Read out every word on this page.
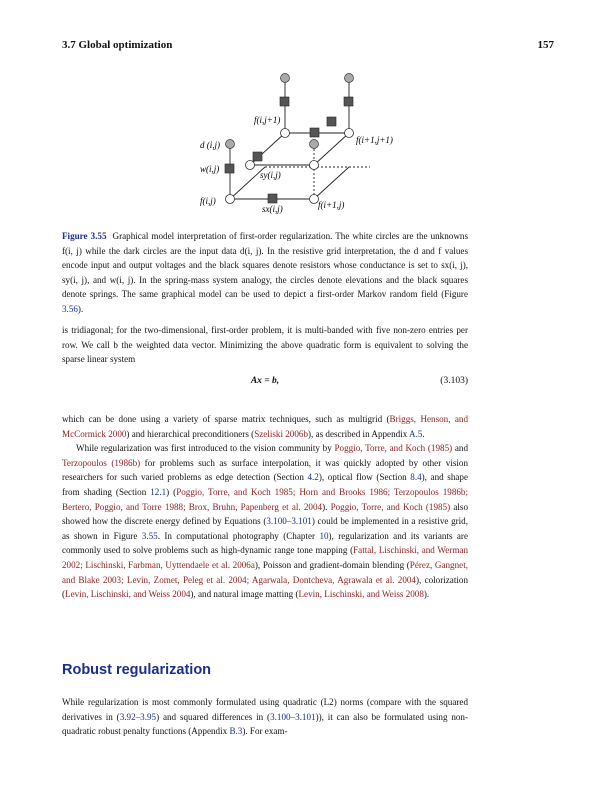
3.7 Global optimization	157
f(i,j+1)
f(i+1,j+1)
d (i,j)
w(i,j)
sy(i,j)
f(i,j)
sx(i,j)	f(i+1,j)
Figure 3.55 Graphical model interpretation of first-order regularization. The white circles are the unknowns f(i, j) while the dark circles are the input data d(i, j). In the resistive grid interpretation, the d and f values encode input and output voltages and the black squares denote resistors whose conductance is set to sx(i, j), sy(i, j), and w(i, j). In the spring-mass system analogy, the circles denote elevations and the black squares denote springs. The same graphical model can be used to depict a first-order Markov random field (Figure 3.56).

is tridiagonal; for the two-dimensional, first-order problem, it is multi-banded with five non-zero entries per row. We call b the weighted data vector. Minimizing the above quadratic form is equivalent to solving the sparse linear system

Ax = b,	(3.103)

which can be done using a variety of sparse matrix techniques, such as multigrid (Briggs, Henson, and McCormick 2000) and hierarchical preconditioners (Szeliski 2006b), as described in Appendix A.5.

While regularization was first introduced to the vision community by Poggio, Torre, and Koch (1985) and Terzopoulos (1986b) for problems such as surface interpolation, it was quickly adopted by other vision researchers for such varied problems as edge detection (Section 4.2), optical flow (Section 8.4), and shape from shading (Section 12.1) (Poggio, Torre, and Koch 1985; Horn and Brooks 1986; Terzopoulos 1986b; Bertero, Poggio, and Torre 1988; Brox, Bruhn, Papenberg et al. 2004). Poggio, Torre, and Koch (1985) also showed how the discrete energy defined by Equations (3.100–3.101) could be implemented in a resistive grid, as shown in Figure 3.55. In computational photography (Chapter 10), regularization and its variants are commonly used to solve problems such as high-dynamic range tone mapping (Fattal, Lischinski, and Werman 2002; Lischinski, Farbman, Uyttendaele et al. 2006a), Poisson and gradient-domain blending (Pérez, Gangnet, and Blake 2003; Levin, Zomet, Peleg et al. 2004; Agarwala, Dontcheva, Agrawala et al. 2004), colorization (Levin, Lischinski, and Weiss 2004), and natural image matting (Levin, Lischinski, and Weiss 2008).

Robust regularization

While regularization is most commonly formulated using quadratic (L2) norms (compare with the squared derivatives in (3.92–3.95) and squared differences in (3.100–3.101)), it can also be formulated using non-quadratic robust penalty functions (Appendix B.3). For exam-
